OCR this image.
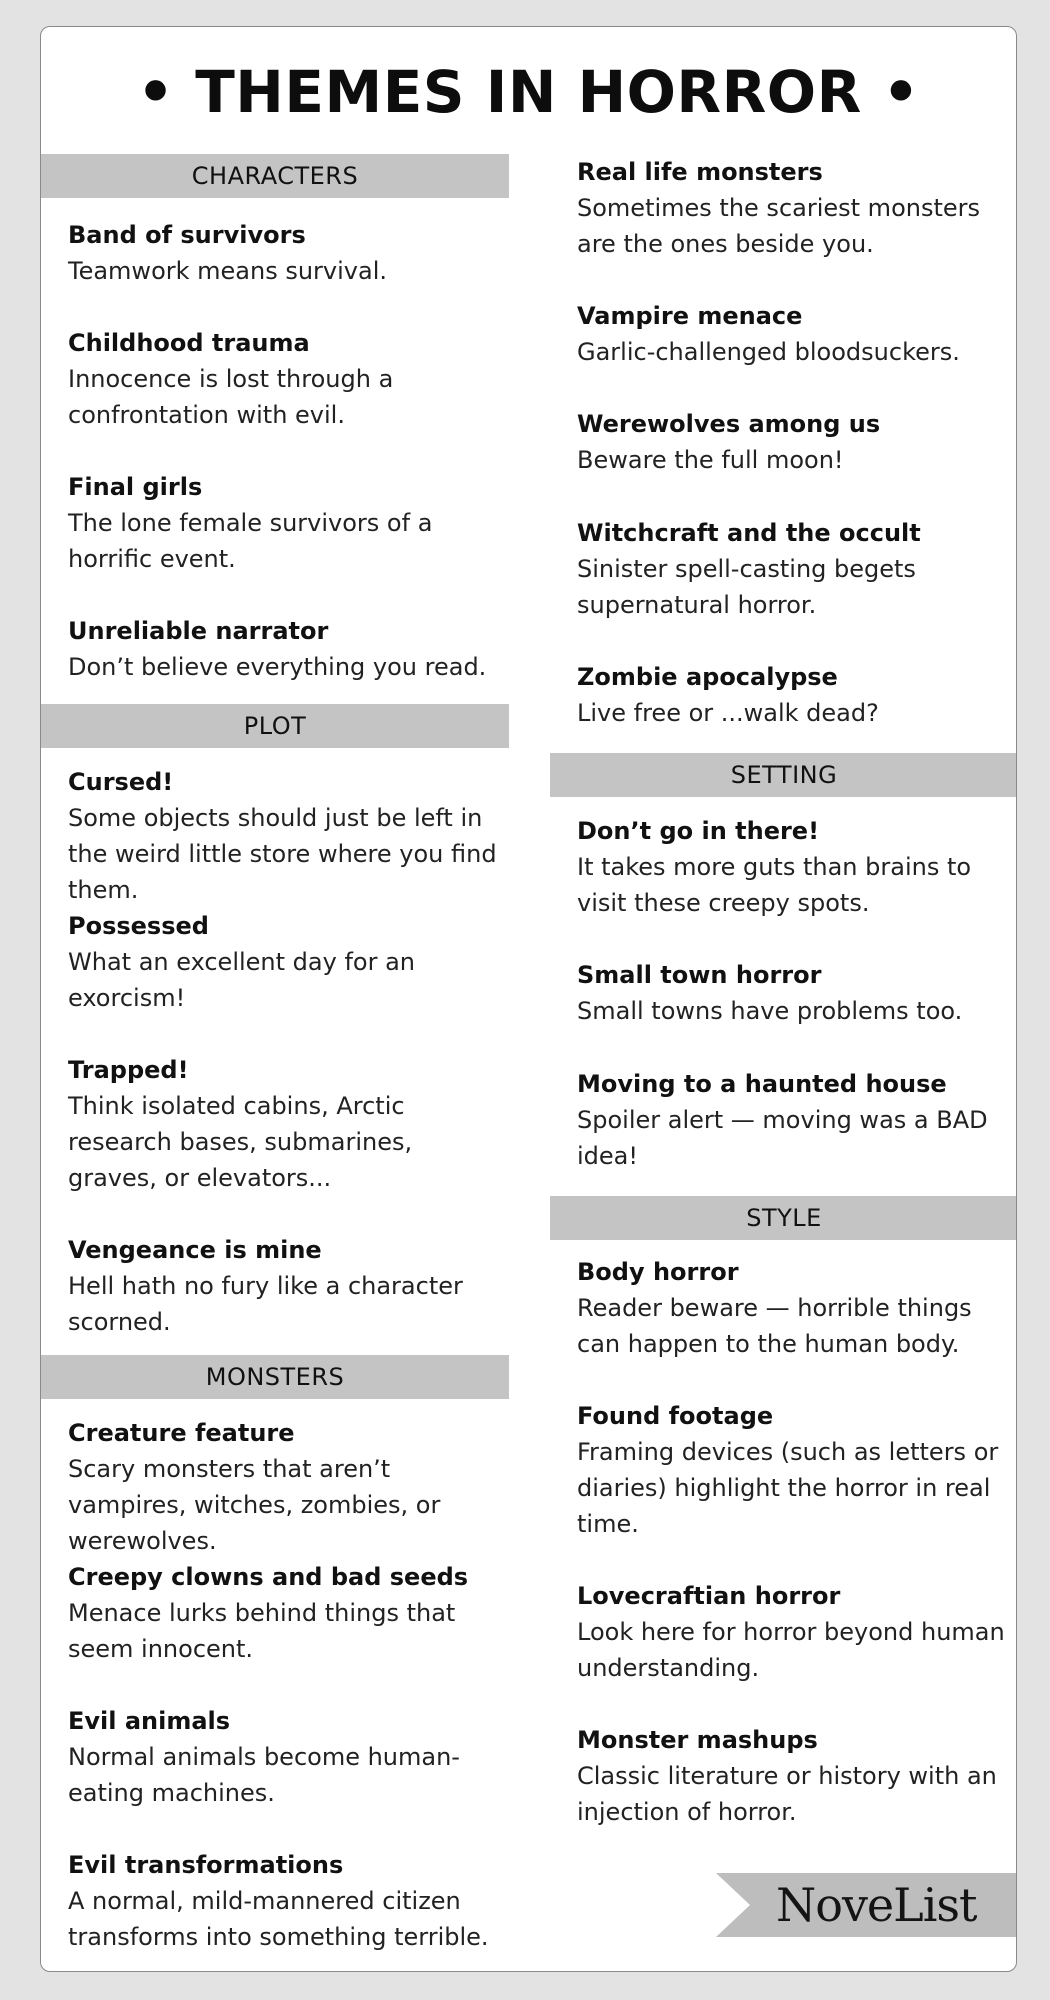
• THEMES IN HORROR •
CHARACTERS
Band of survivors
Teamwork means survival.
Childhood trauma
Innocence is lost through a confrontation with evil.
Final girls
The lone female survivors of a horrific event.
Unreliable narrator
Don’t believe everything you read.
PLOT
Cursed!
Some objects should just be left in the weird little store where you find them.
Possessed
What an excellent day for an exorcism!
Trapped!
Think isolated cabins, Arctic research bases, submarines, graves, or elevators...
Vengeance is mine
Hell hath no fury like a character scorned.
MONSTERS
Creature feature
Scary monsters that aren’t vampires, witches, zombies, or werewolves.
Creepy clowns and bad seeds
Menace lurks behind things that seem innocent.
Evil animals
Normal animals become human-eating machines.
Evil transformations
A normal, mild-mannered citizen transforms into something terrible.
Real life monsters
Sometimes the scariest monsters are the ones beside you.
Vampire menace
Garlic-challenged bloodsuckers.
Werewolves among us
Beware the full moon!
Witchcraft and the occult
Sinister spell-casting begets supernatural horror.
Zombie apocalypse
Live free or ...walk dead?
SETTING
Don’t go in there!
It takes more guts than brains to visit these creepy spots.
Small town horror
Small towns have problems too.
Moving to a haunted house
Spoiler alert — moving was a BAD idea!
STYLE
Body horror
Reader beware — horrible things can happen to the human body.
Found footage
Framing devices (such as letters or diaries) highlight the horror in real time.
Lovecraftian horror
Look here for horror beyond human understanding.
Monster mashups
Classic literature or history with an injection of horror.
NoveList
